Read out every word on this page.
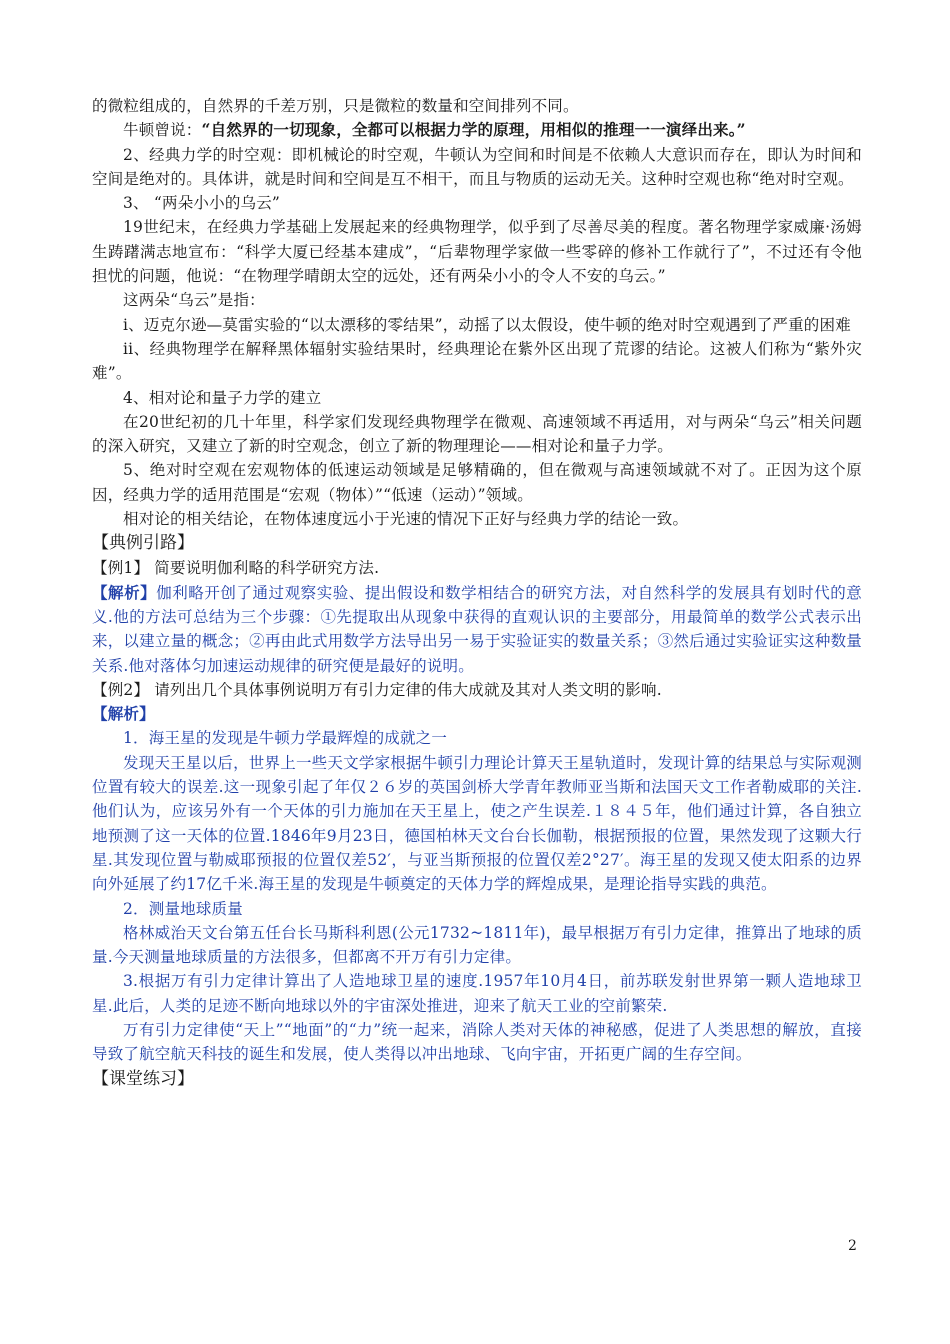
的微粒组成的，自然界的千差万别，只是微粒的数量和空间排列不同。

牛顿曾说：“自然界的一切现象，全都可以根据力学的原理，用相似的推理一一演绎出来。”

2、经典力学的时空观：即机械论的时空观，牛顿认为空间和时间是不依赖人大意识而存在，即认为时间和空间是绝对的。具体讲，就是时间和空间是互不相干，而且与物质的运动无关。这种时空观也称“绝对时空观。

3、 “两朵小小的乌云”

19世纪末，在经典力学基础上发展起来的经典物理学，似乎到了尽善尽美的程度。著名物理学家威廉·汤姆生踌躇满志地宣布：“科学大厦已经基本建成”，“后辈物理学家做一些零碎的修补工作就行了”，不过还有令他担忧的问题，他说：“在物理学晴朗太空的远处，还有两朵小小的令人不安的乌云。”

这两朵“乌云”是指：

i、迈克尔逊—莫雷实验的“以太漂移的零结果”，动摇了以太假设，使牛顿的绝对时空观遇到了严重的困难

ii、经典物理学在解释黑体辐射实验结果时，经典理论在紫外区出现了荒谬的结论。这被人们称为“紫外灾难”。

4、相对论和量子力学的建立

在20世纪初的几十年里，科学家们发现经典物理学在微观、高速领域不再适用，对与两朵“乌云”相关问题的深入研究，又建立了新的时空观念，创立了新的物理理论——相对论和量子力学。

5、绝对时空观在宏观物体的低速运动领域是足够精确的，但在微观与高速领域就不对了。正因为这个原因，经典力学的适用范围是“宏观（物体）”“低速（运动）”领域。

相对论的相关结论，在物体速度远小于光速的情况下正好与经典力学的结论一致。

【典例引路】

【例1】 简要说明伽利略的科学研究方法.

【解析】伽利略开创了通过观察实验、提出假设和数学相结合的研究方法，对自然科学的发展具有划时代的意义.他的方法可总结为三个步骤：①先提取出从现象中获得的直观认识的主要部分，用最简单的数学公式表示出来，以建立量的概念；②再由此式用数学方法导出另一易于实验证实的数量关系；③然后通过实验证实这种数量关系.他对落体匀加速运动规律的研究便是最好的说明。

【例2】 请列出几个具体事例说明万有引力定律的伟大成就及其对人类文明的影响.

【解析】

1．海王星的发现是牛顿力学最辉煌的成就之一

发现天王星以后，世界上一些天文学家根据牛顿引力理论计算天王星轨道时，发现计算的结果总与实际观测位置有较大的误差.这一现象引起了年仅２６岁的英国剑桥大学青年教师亚当斯和法国天文工作者勒威耶的关注.他们认为，应该另外有一个天体的引力施加在天王星上，使之产生误差.１８４５年，他们通过计算，各自独立地预测了这一天体的位置.1846年9月23日，德国柏林天文台台长伽勒，根据预报的位置，果然发现了这颗大行星.其发现位置与勒威耶预报的位置仅差52′，与亚当斯预报的位置仅差2°27′。海王星的发现又使太阳系的边界向外延展了约17亿千米.海王星的发现是牛顿奠定的天体力学的辉煌成果，是理论指导实践的典范。

2．测量地球质量

格林威治天文台第五任台长马斯科利恩(公元1732~1811年)，最早根据万有引力定律，推算出了地球的质量.今天测量地球质量的方法很多，但都离不开万有引力定律。

3.根据万有引力定律计算出了人造地球卫星的速度.1957年10月4日，前苏联发射世界第一颗人造地球卫星.此后，人类的足迹不断向地球以外的宇宙深处推进，迎来了航天工业的空前繁荣.

万有引力定律使“天上”“地面”的“力”统一起来，消除人类对天体的神秘感，促进了人类思想的解放，直接导致了航空航天科技的诞生和发展，使人类得以冲出地球、飞向宇宙，开拓更广阔的生存空间。

【课堂练习】

2
